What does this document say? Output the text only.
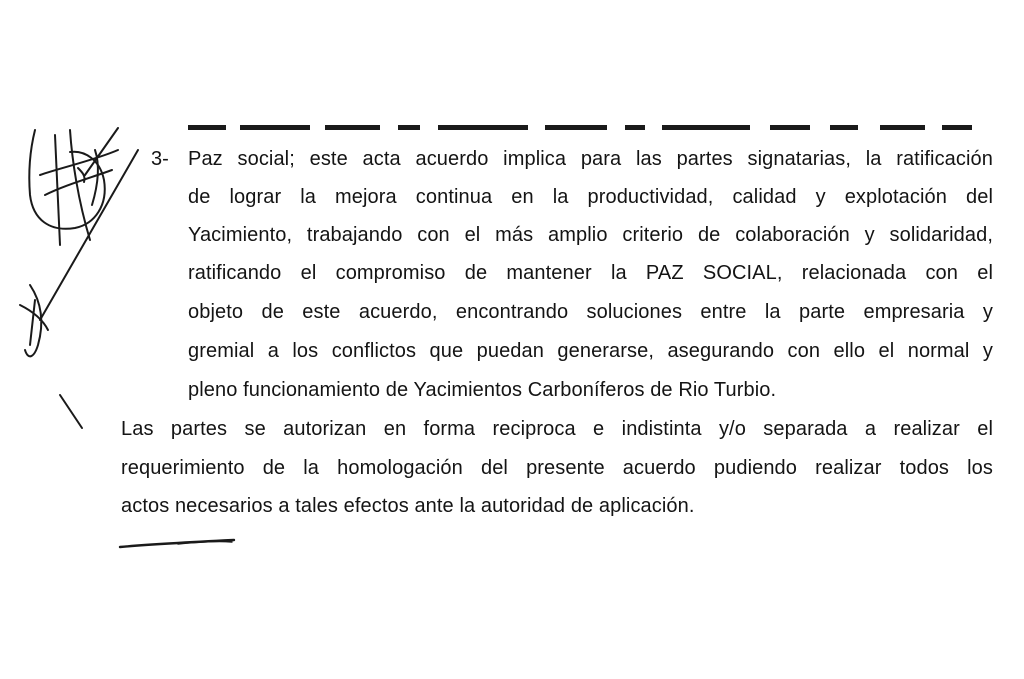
3- Paz social; este acta acuerdo implica para las partes signatarias, la ratificación
de lograr la mejora continua en la productividad, calidad y explotación del
Yacimiento, trabajando con el más amplio criterio de colaboración y solidaridad,
ratificando el compromiso de mantener la PAZ SOCIAL, relacionada con el
objeto de este acuerdo, encontrando soluciones entre la parte empresaria y
gremial a los conflictos que puedan generarse, asegurando con ello el normal y
pleno funcionamiento de Yacimientos Carboníferos de Rio Turbio.
Las partes se autorizan en forma reciproca e indistinta y/o separada a realizar el
requerimiento de la homologación del presente acuerdo pudiendo realizar todos los
actos necesarios a tales efectos ante la autoridad de aplicación.
